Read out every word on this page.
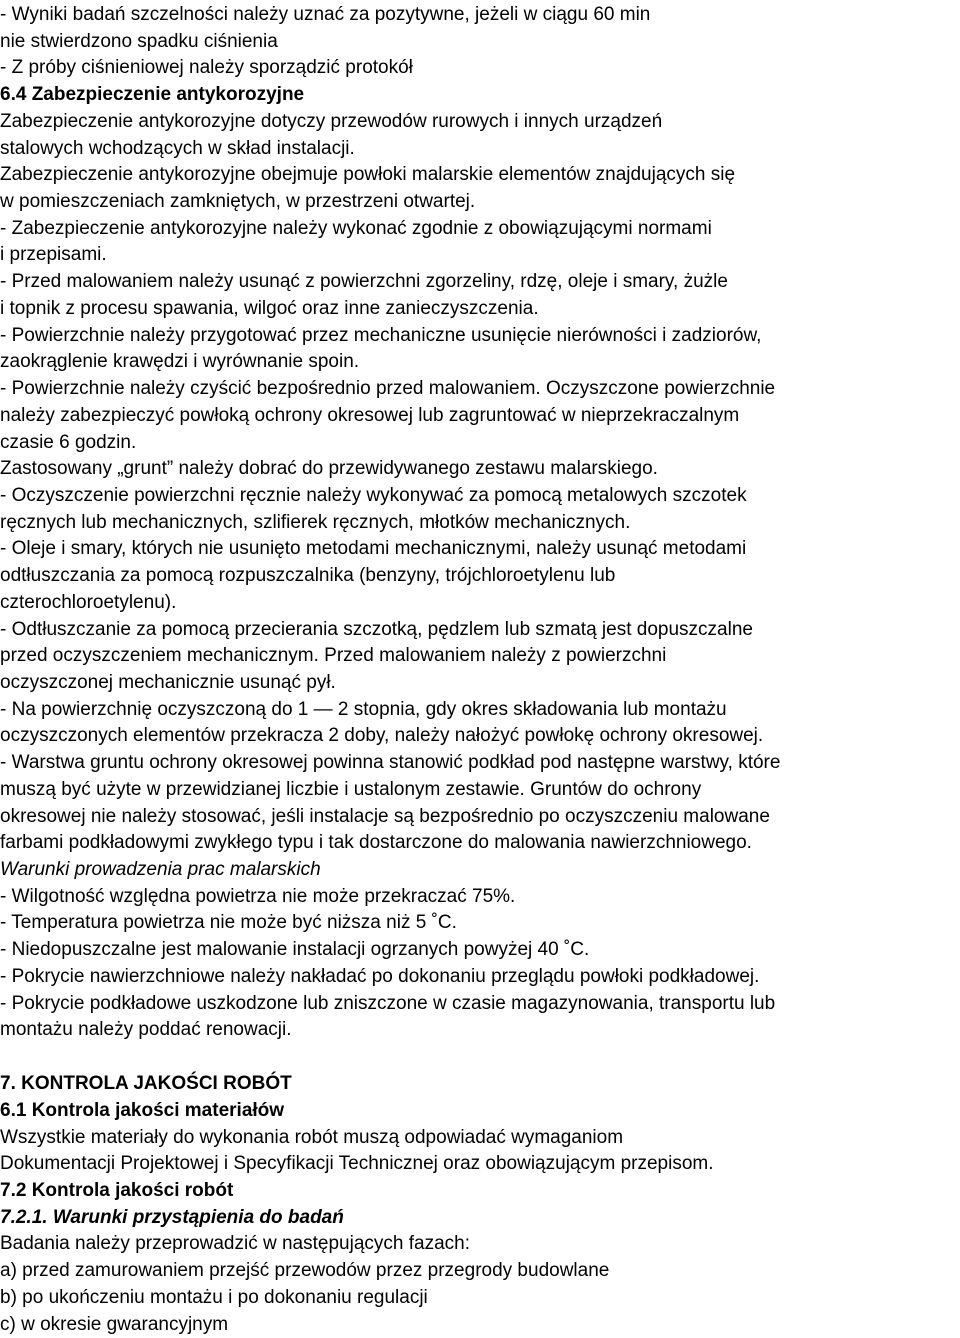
- Wyniki badań szczelności należy uznać za pozytywne, jeżeli w ciągu 60 min
nie stwierdzono spadku ciśnienia
- Z próby ciśnieniowej należy sporządzić protokół
6.4 Zabezpieczenie antykorozyjne
Zabezpieczenie antykorozyjne dotyczy przewodów rurowych i innych urządzeń
stalowych wchodzących w skład instalacji.
Zabezpieczenie antykorozyjne obejmuje powłoki malarskie elementów znajdujących się
w pomieszczeniach zamkniętych, w przestrzeni otwartej.
- Zabezpieczenie antykorozyjne należy wykonać zgodnie z obowiązującymi normami
i przepisami.
- Przed malowaniem należy usunąć z powierzchni zgorzeliny, rdzę, oleje i smary, żużle
i topnik z procesu spawania, wilgoć oraz inne zanieczyszczenia.
- Powierzchnie należy przygotować przez mechaniczne usunięcie nierówności i zadziorów,
zaokrąglenie krawędzi i wyrównanie spoin.
- Powierzchnie należy czyścić bezpośrednio przed malowaniem. Oczyszczone powierzchnie
należy zabezpieczyć powłoką ochrony okresowej lub zagruntować w nieprzekraczalnym
czasie 6 godzin.
Zastosowany „grunt” należy dobrać do przewidywanego zestawu malarskiego.
- Oczyszczenie powierzchni ręcznie należy wykonywać za pomocą metalowych szczotek
ręcznych lub mechanicznych, szlifierek ręcznych, młotków mechanicznych.
- Oleje i smary, których nie usunięto metodami mechanicznymi, należy usunąć metodami
odtłuszczania za pomocą rozpuszczalnika (benzyny, trójchloroetylenu lub
czterochloroetylenu).
- Odtłuszczanie za pomocą przecierania szczotką, pędzlem lub szmatą jest dopuszczalne
przed oczyszczeniem mechanicznym. Przed malowaniem należy z powierzchni
oczyszczonej mechanicznie usunąć pył.
- Na powierzchnię oczyszczoną do 1 — 2 stopnia, gdy okres składowania lub montażu
oczyszczonych elementów przekracza 2 doby, należy nałożyć powłokę ochrony okresowej.
- Warstwa gruntu ochrony okresowej powinna stanowić podkład pod następne warstwy, które
muszą być użyte w przewidzianej liczbie i ustalonym zestawie. Gruntów do ochrony
okresowej nie należy stosować, jeśli instalacje są bezpośrednio po oczyszczeniu malowane
farbami podkładowymi zwykłego typu i tak dostarczone do malowania nawierzchniowego.
Warunki prowadzenia prac malarskich
- Wilgotność względna powietrza nie może przekraczać 75%.
- Temperatura powietrza nie może być niższa niż 5 ˚C.
- Niedopuszczalne jest malowanie instalacji ogrzanych powyżej 40 ˚C.
- Pokrycie nawierzchniowe należy nakładać po dokonaniu przeglądu powłoki podkładowej.
- Pokrycie podkładowe uszkodzone lub zniszczone w czasie magazynowania, transportu lub
montażu należy poddać renowacji.
7. KONTROLA JAKOŚCI ROBÓT
6.1 Kontrola jakości materiałów
Wszystkie materiały do wykonania robót muszą odpowiadać wymaganiom
Dokumentacji Projektowej i Specyfikacji Technicznej oraz obowiązującym przepisom.
7.2 Kontrola jakości robót
7.2.1. Warunki przystąpienia do badań
Badania należy przeprowadzić w następujących fazach:
a) przed zamurowaniem przejść przewodów przez przegrody budowlane
b) po ukończeniu montażu i po dokonaniu regulacji
c) w okresie gwarancyjnym
